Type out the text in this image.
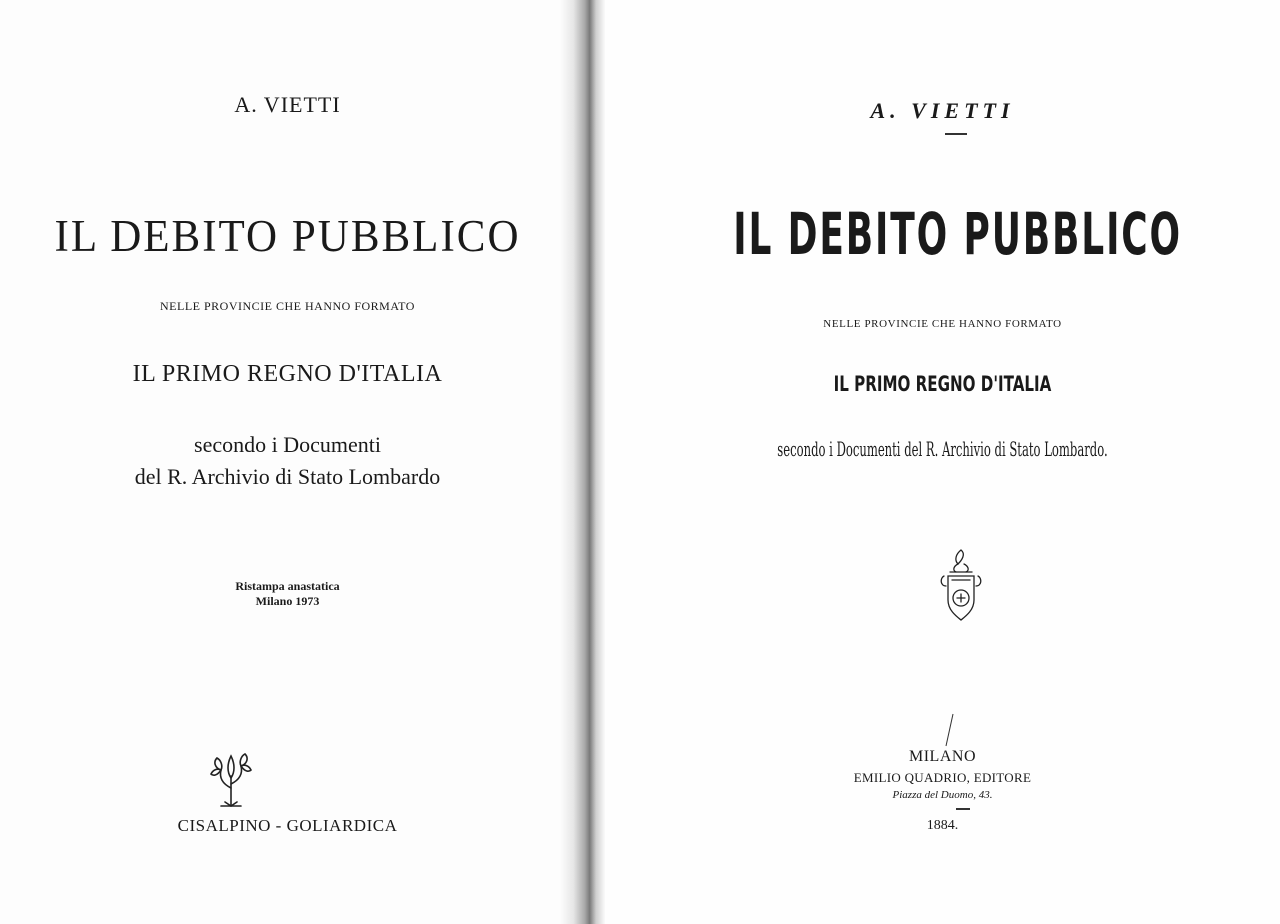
A. VIETTI

IL DEBITO PUBBLICO

NELLE PROVINCIE CHE HANNO FORMATO

IL PRIMO REGNO D'ITALIA

secondo i Documenti

del R. Archivio di Stato Lombardo

Ristampa anastatica

Milano 1973

CISALPINO - GOLIARDICA

A. VIETTI

IL DEBITO PUBBLICO

NELLE PROVINCIE CHE HANNO FORMATO

IL PRIMO REGNO D'ITALIA

secondo i Documenti del R. Archivio di Stato Lombardo.

MILANO

EMILIO QUADRIO, EDITORE

Piazza del Duomo, 43.

1884.
